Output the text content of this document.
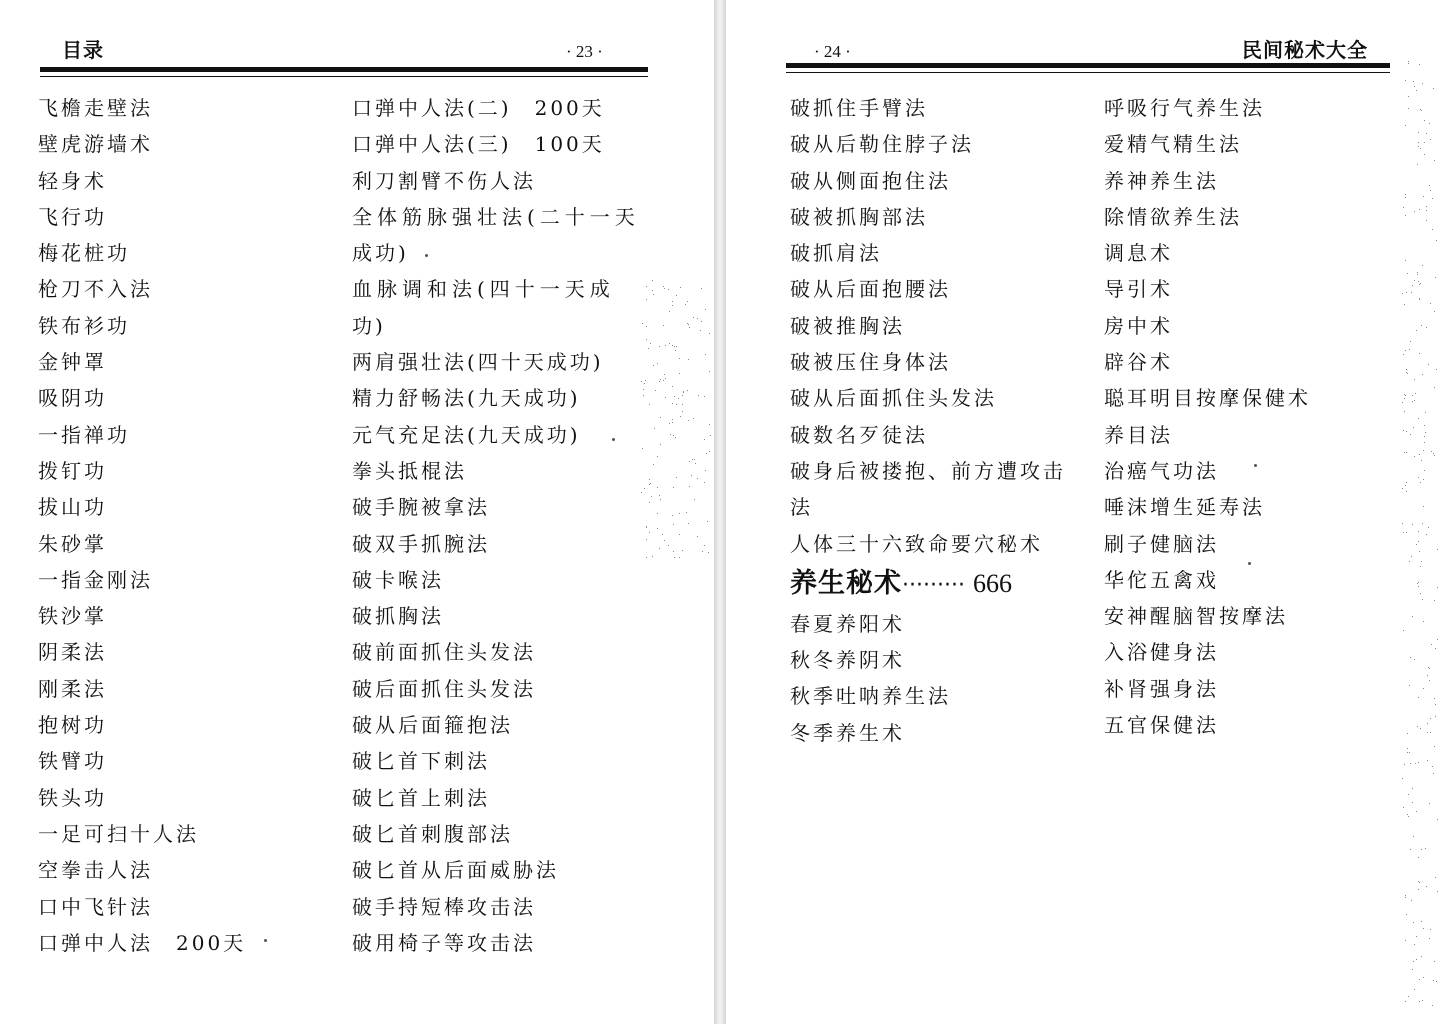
目录	· 23 ·
飞檐走壁法
壁虎游墙术
轻身术
飞行功
梅花桩功
枪刀不入法
铁布衫功
金钟罩
吸阴功
一指禅功
拨钉功
拔山功
朱砂掌
一指金刚法
铁沙掌
阴柔法
刚柔法
抱树功
铁臂功
铁头功
一足可扫十人法
空拳击人法
口中飞针法
口弹中人法　200天
口弹中人法(二)　200天
口弹中人法(三)　100天
利刀割臂不伤人法
全体筋脉强壮法(二十一天
成功)
血脉调和法(四十一天成
功)
两肩强壮法(四十天成功)
精力舒畅法(九天成功)
元气充足法(九天成功)
拳头抵棍法
破手腕被拿法
破双手抓腕法
破卡喉法
破抓胸法
破前面抓住头发法
破后面抓住头发法
破从后面箍抱法
破匕首下刺法
破匕首上刺法
破匕首刺腹部法
破匕首从后面威胁法
破手持短棒攻击法
破用椅子等攻击法
民间秘术大全
· 24 ·
破抓住手臂法
破从后勒住脖子法
破从侧面抱住法
破被抓胸部法
破抓肩法
破从后面抱腰法
破被推胸法
破被压住身体法
破从后面抓住头发法
破数名歹徒法
破身后被搂抱、前方遭攻击
法
人体三十六致命要穴秘术
养生秘术········· 666
春夏养阳术
秋冬养阴术
秋季吐呐养生法
冬季养生术
呼吸行气养生法
爱精气精生法
养神养生法
除情欲养生法
调息术
导引术
房中术
辟谷术
聪耳明目按摩保健术
养目法
治癌气功法
唾沫增生延寿法
刷子健脑法
华佗五禽戏
安神醒脑智按摩法
入浴健身法
补肾强身法
五官保健法
